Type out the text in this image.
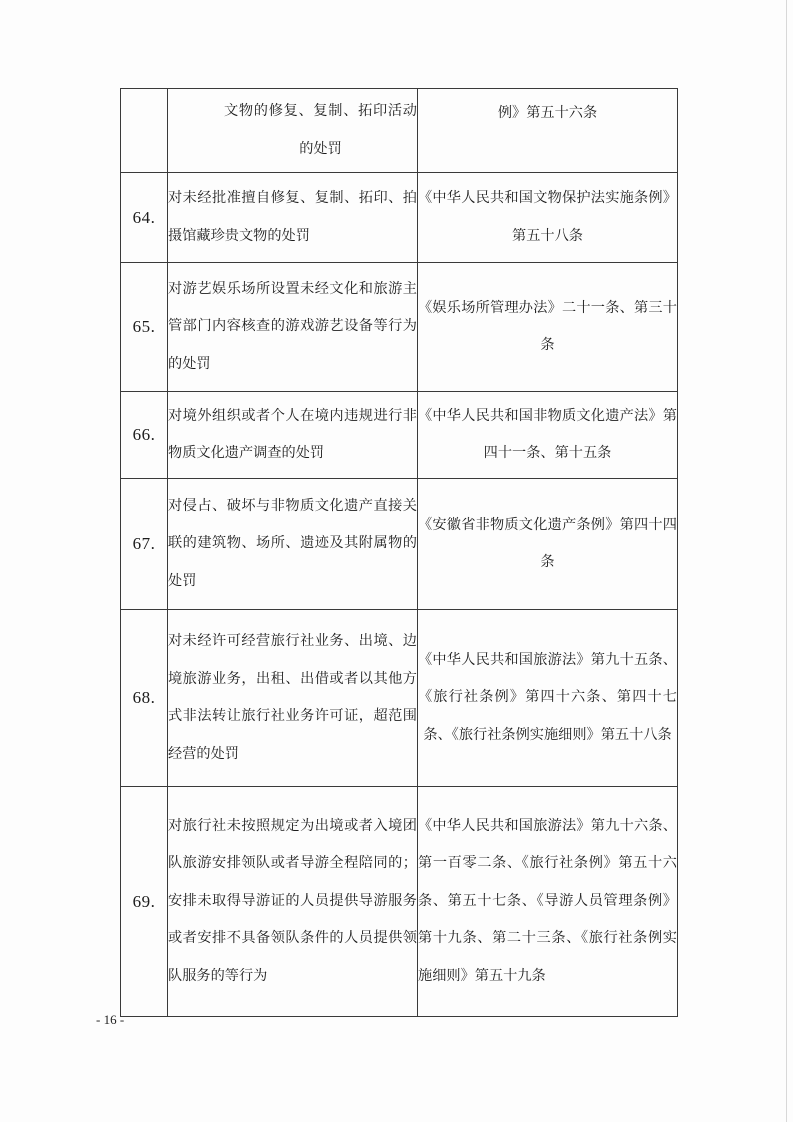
	文物的修复、复制、拓印活动的处罚	例》第五十六条
64.	对未经批准擅自修复、复制、拓印、拍摄馆藏珍贵文物的处罚	《中华人民共和国文物保护法实施条例》第五十八条
65.	对游艺娱乐场所设置未经文化和旅游主管部门内容核查的游戏游艺设备等行为的处罚	《娱乐场所管理办法》二十一条、第三十条
66.	对境外组织或者个人在境内违规进行非物质文化遗产调查的处罚	《中华人民共和国非物质文化遗产法》第四十一条、第十五条
67.	对侵占、破坏与非物质文化遗产直接关联的建筑物、场所、遗迹及其附属物的处罚	《安徽省非物质文化遗产条例》第四十四条
68.	对未经许可经营旅行社业务、出境、边境旅游业务，出租、出借或者以其他方式非法转让旅行社业务许可证，超范围经营的处罚	《中华人民共和国旅游法》第九十五条、《旅行社条例》第四十六条、第四十七条、《旅行社条例实施细则》第五十八条
69.	对旅行社未按照规定为出境或者入境团队旅游安排领队或者导游全程陪同的；安排未取得导游证的人员提供导游服务或者安排不具备领队条件的人员提供领队服务的等行为	《中华人民共和国旅游法》第九十六条、第一百零二条、《旅行社条例》第五十六条、第五十七条、《导游人员管理条例》第十九条、第二十三条、《旅行社条例实施细则》第五十九条
- 16 -
